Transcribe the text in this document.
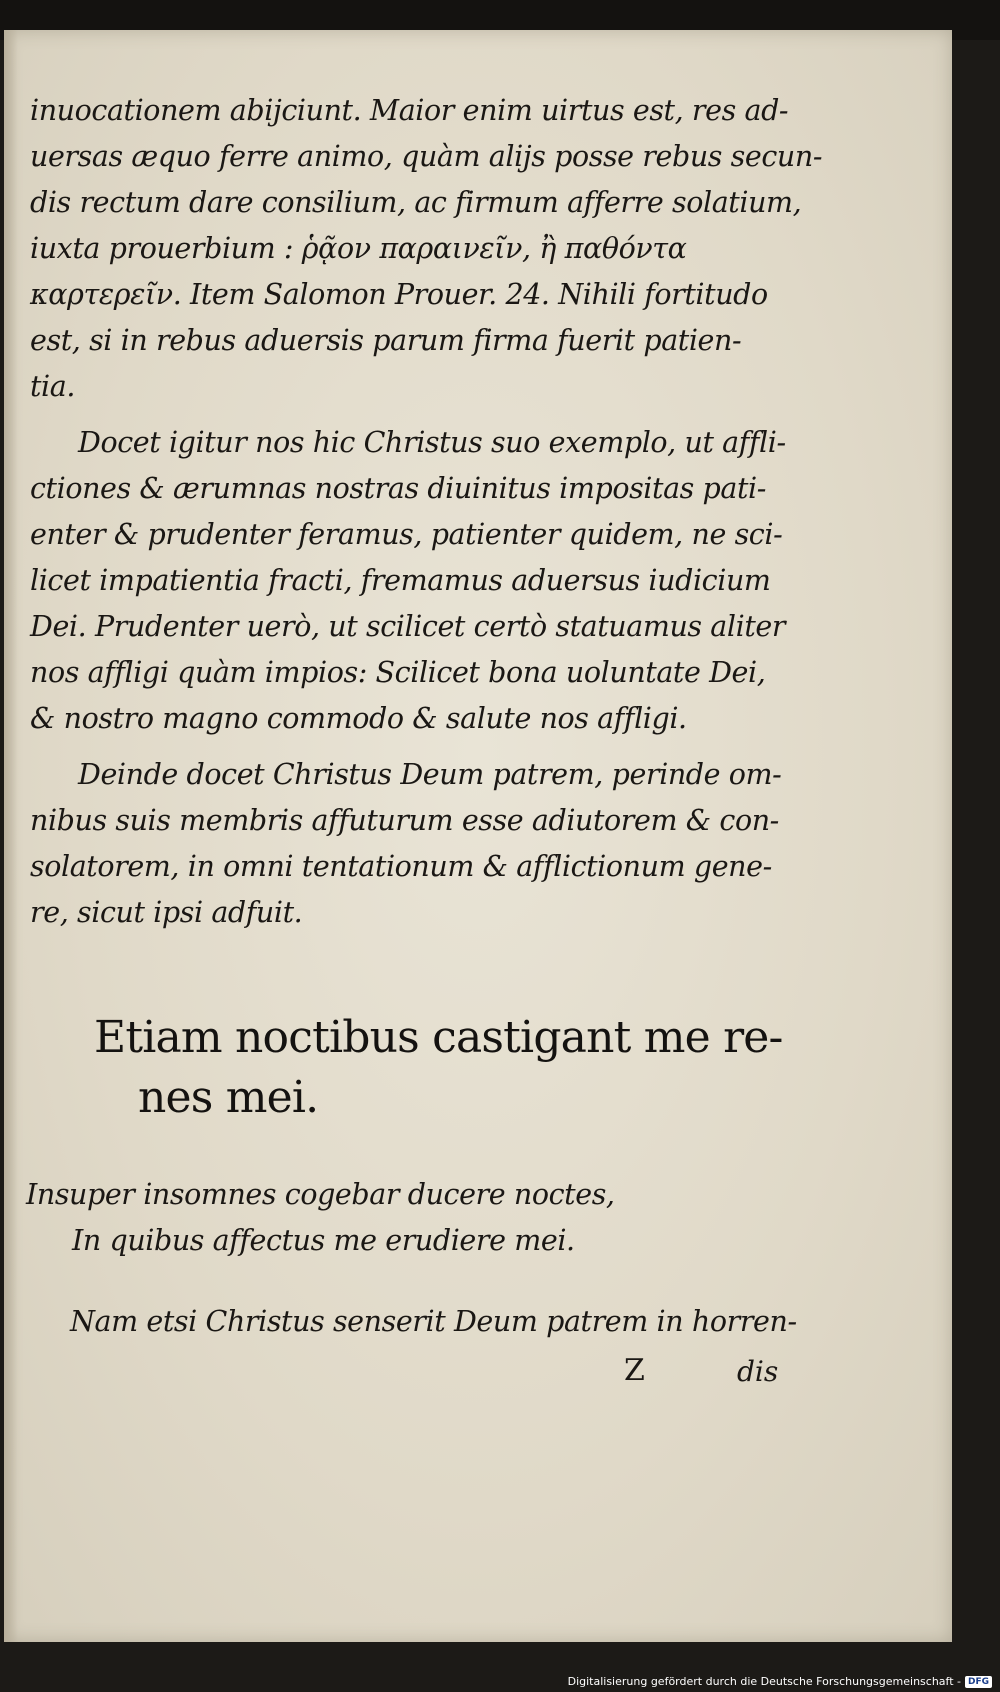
inuocationem abijciunt. Maior enim uirtus est, res ad-
uersas æquo ferre animo, quàm alijs posse rebus secun-
dis rectum dare consilium, ac firmum afferre solatium,
iuxta prouerbium : ῥᾷον παραινεῖν, ἢ παθόντα
καρτερεῖν. Item Salomon Prouer. 24. Nihili fortitudo
est, si in rebus aduersis parum firma fuerit patien-
tia.
Docet igitur nos hic Christus suo exemplo, ut affli-
ctiones & ærumnas nostras diuinitus impositas pati-
enter & prudenter feramus, patienter quidem, ne sci-
licet impatientia fracti, fremamus aduersus iudicium
Dei. Prudenter uerò, ut scilicet certò statuamus aliter
nos affligi quàm impios: Scilicet bona uoluntate Dei,
& nostro magno commodo & salute nos affligi.
Deinde docet Christus Deum patrem, perinde om-
nibus suis membris affuturum esse adiutorem & con-
solatorem, in omni tentationum & afflictionum gene-
re, sicut ipsi adfuit.
Etiam noctibus castigant me re-
nes mei.
Insuper insomnes cogebar ducere noctes,
In quibus affectus me erudiere mei.
Nam etsi Christus senserit Deum patrem in horren-
Z	dis
Digitalisierung gefördert durch die Deutsche Forschungsgemeinschaft - DFG
